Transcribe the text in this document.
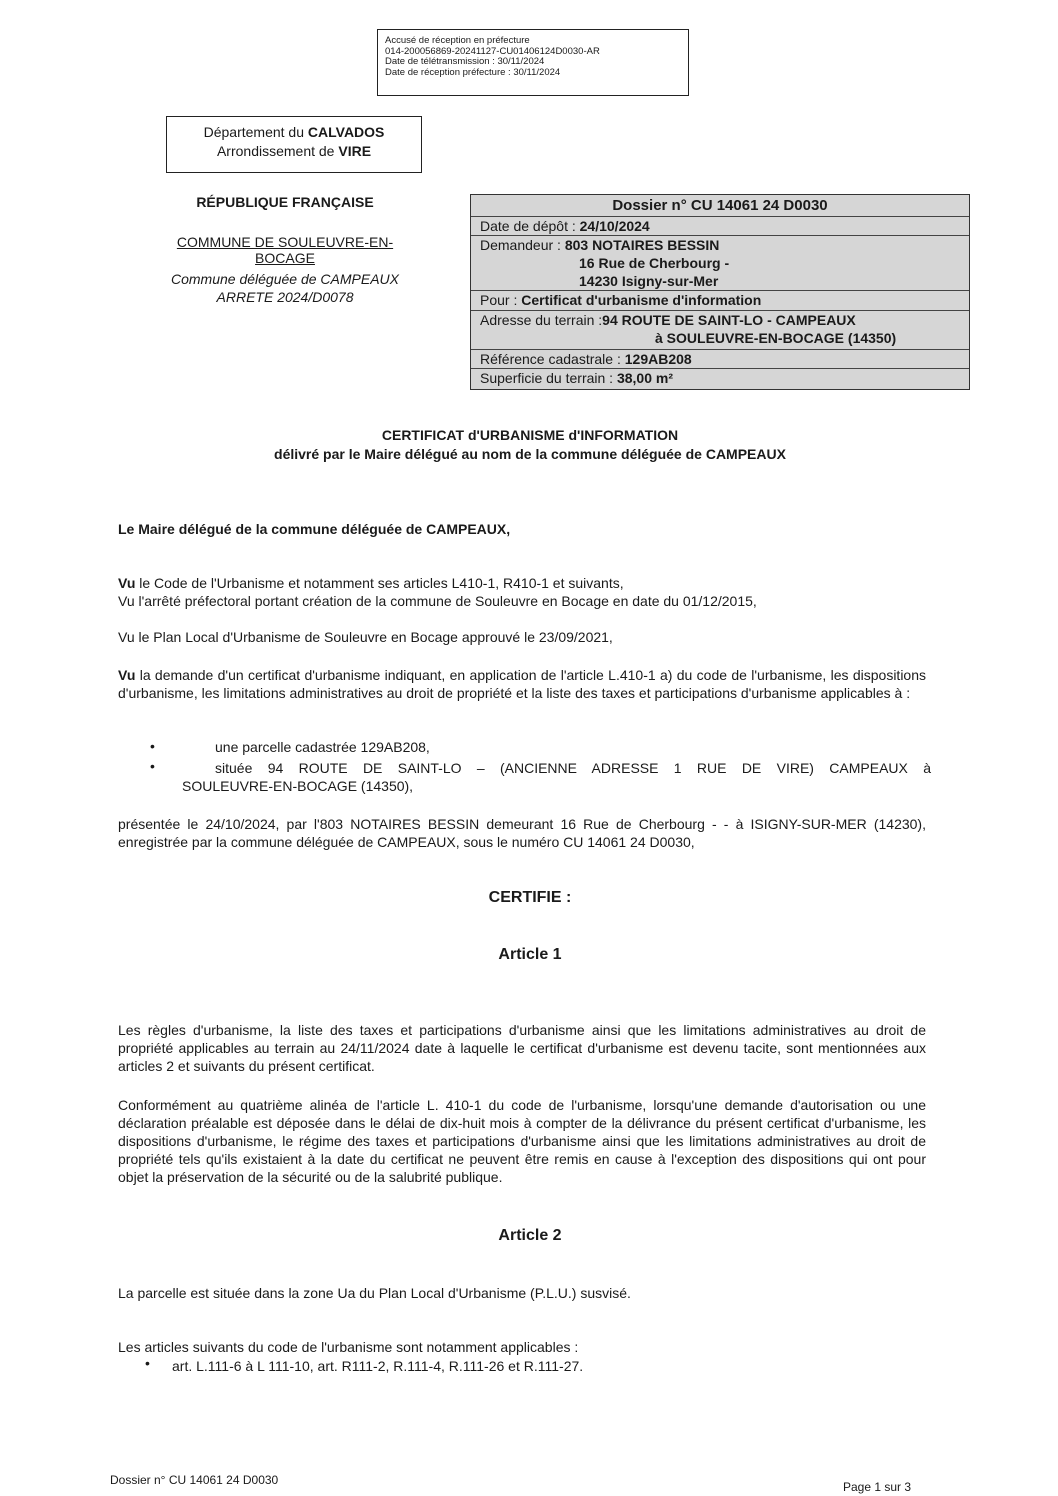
Accusé de réception en préfecture
014-200056869-20241127-CU01406124D0030-AR
Date de télétransmission : 30/11/2024
Date de réception préfecture : 30/11/2024
Département du CALVADOS
Arrondissement de VIRE
RÉPUBLIQUE FRANÇAISE
COMMUNE DE SOULEUVRE-EN-BOCAGE
Commune déléguée de CAMPEAUX
ARRETE 2024/D0078
Dossier n° CU 14061 24 D0030
Date de dépôt : 24/10/2024
Demandeur : 803 NOTAIRES BESSIN
16 Rue de Cherbourg -
14230 Isigny-sur-Mer
Pour : Certificat d'urbanisme d'information
Adresse du terrain :94 ROUTE DE SAINT-LO - CAMPEAUX
à SOULEUVRE-EN-BOCAGE (14350)
Référence cadastrale : 129AB208
Superficie du terrain : 38,00 m²
CERTIFICAT d'URBANISME d'INFORMATION
délivré par le Maire délégué au nom de la commune déléguée de CAMPEAUX
Le Maire délégué de la commune déléguée de CAMPEAUX,
Vu le Code de l'Urbanisme et notamment ses articles L410-1, R410-1 et suivants,
Vu l'arrêté préfectoral portant création de la commune de Souleuvre en Bocage en date du 01/12/2015,
Vu le Plan Local d'Urbanisme de Souleuvre en Bocage approuvé le 23/09/2021,
Vu la demande d'un certificat d'urbanisme indiquant, en application de l'article L.410-1 a) du code de l'urbanisme, les dispositions d'urbanisme, les limitations administratives au droit de propriété et la liste des taxes et participations d'urbanisme applicables à :
•	une parcelle cadastrée 129AB208,
•	située 94 ROUTE DE SAINT-LO – (ANCIENNE ADRESSE 1 RUE DE VIRE) CAMPEAUX à
SOULEUVRE-EN-BOCAGE (14350),
présentée le 24/10/2024, par l'803 NOTAIRES BESSIN demeurant 16 Rue de Cherbourg - - à ISIGNY-SUR-MER (14230), enregistrée par la commune déléguée de CAMPEAUX, sous le numéro CU 14061 24 D0030,
CERTIFIE :
Article 1
Les règles d'urbanisme, la liste des taxes et participations d'urbanisme ainsi que les limitations administratives au droit de propriété applicables au terrain au 24/11/2024 date à laquelle le certificat d'urbanisme est devenu tacite, sont mentionnées aux articles 2 et suivants du présent certificat.
Conformément au quatrième alinéa de l'article L. 410-1 du code de l'urbanisme, lorsqu'une demande d'autorisation ou une déclaration préalable est déposée dans le délai de dix-huit mois à compter de la délivrance du présent certificat d'urbanisme, les dispositions d'urbanisme, le régime des taxes et participations d'urbanisme ainsi que les limitations administratives au droit de propriété tels qu'ils existaient à la date du certificat ne peuvent être remis en cause à l'exception des dispositions qui ont pour objet la préservation de la sécurité ou de la salubrité publique.
Article 2
La parcelle est située dans la zone Ua du Plan Local d'Urbanisme (P.L.U.) susvisé.
Les articles suivants du code de l'urbanisme sont notamment applicables :
• art. L.111-6 à L 111-10, art. R111-2, R.111-4, R.111-26 et R.111-27.
Dossier n° CU 14061 24 D0030	Page 1 sur 3
